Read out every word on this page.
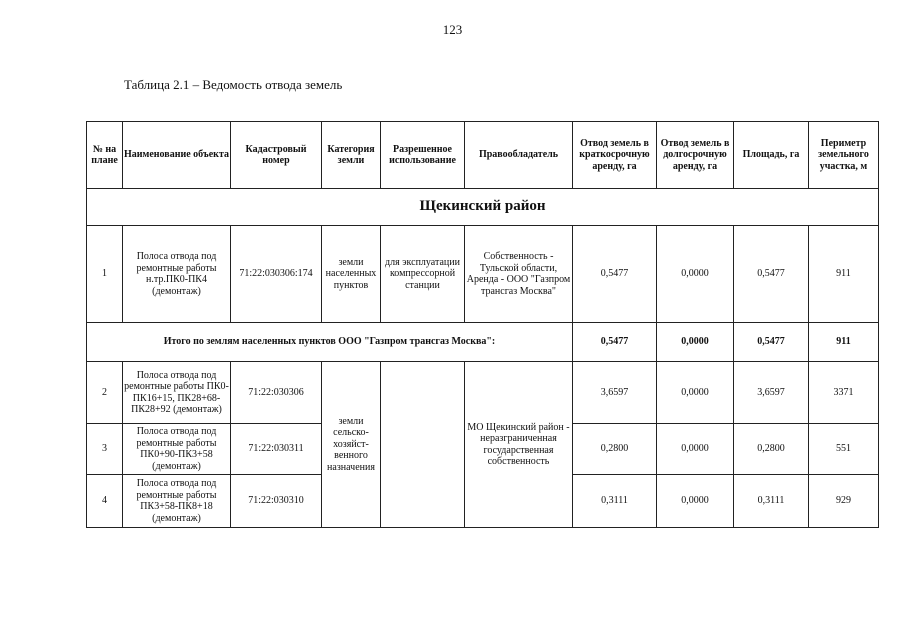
123
Таблица 2.1 – Ведомость отвода земель
№ на плане	Наименование объекта	Кадастровый номер	Категория земли	Разрешенное использование	Правообладатель	Отвод земель в краткосрочную аренду, га	Отвод земель в долгосрочную аренду, га	Площадь, га	Периметр земельного участка, м
Щекинский район									
1	Полоса отвода под ремонтные работы н.тр.ПК0-ПК4 (демонтаж)	71:22:030306:174	земли населенных пунктов	для эксплуатации компрессорной станции	Собственность - Тульской области, Аренда - ООО "Газпром трансгаз Москва"	0,5477	0,0000	0,5477	911
Итого по землям населенных пунктов ООО "Газпром трансгаз Москва":						0,5477	0,0000	0,5477	911
2	Полоса отвода под ремонтные работы ПК0-ПК16+15, ПК28+68-ПК28+92 (демонтаж)	71:22:030306	земли сельско-хозяйст-венного назначения		МО Щекинский район - неразграниченная государственная собственность	3,6597	0,0000	3,6597	3371
3	Полоса отвода под ремонтные работы ПК0+90-ПК3+58 (демонтаж)	71:22:030311				0,2800	0,0000	0,2800	551
4	Полоса отвода под ремонтные работы ПК3+58-ПК8+18 (демонтаж)	71:22:030310				0,3111	0,0000	0,3111	929
